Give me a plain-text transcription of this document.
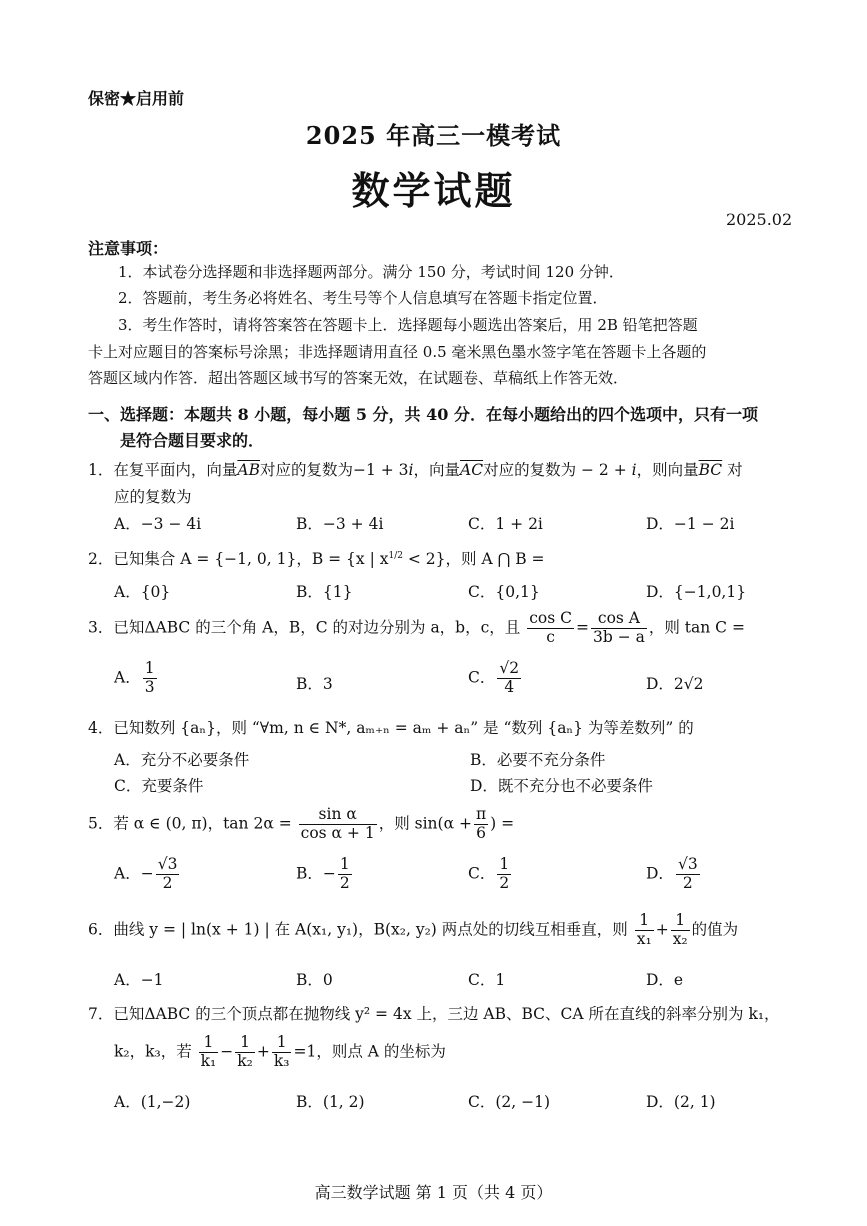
保密★启用前
2025 年高三一模考试
数学试题
2025.02
注意事项：
1．本试卷分选择题和非选择题两部分。满分 150 分，考试时间 120 分钟．
2．答题前，考生务必将姓名、考生号等个人信息填写在答题卡指定位置．
3．考生作答时，请将答案答在答题卡上．选择题每小题选出答案后，用 2B 铅笔把答题
卡上对应题目的答案标号涂黑；非选择题请用直径 0.5 毫米黑色墨水签字笔在答题卡上各题的
答题区域内作答．超出答题区域书写的答案无效，在试题卷、草稿纸上作答无效．
一、选择题：本题共 8 小题，每小题 5 分，共 40 分．在每小题给出的四个选项中，只有一项
是符合题目要求的．
1．在复平面内，向量$\overline{AB}$对应的复数为−1 + 3i，向量$\overline{AC}$对应的复数为 − 2 + i，则向量$\overline{BC}$ 对
应的复数为
A．−3 − 4i	B．−3 + 4i	C．1 + 2i	D．−1 − 2i
2．已知集合 A = {−1, 0, 1}，B = {x | $x^{1/2} < 2$}，则 A ⋂ B =
A．{0}	B．{1}	C．{0,1}	D．{−1,0,1}
3．已知ΔABC 的三个角 A，B，C 的对边分别为 a，b，c，且 $\frac{\text{cos C}}{c} = \frac{\text{cos A}}{3b - a}$ ，则 tan C =
A． $\frac{1}{3}$	B．3	C． $\frac{√2}{4}$	D．2√2
4．已知数列 {aₙ}，则 “∀m, n ∈ N*, aₘ₊ₙ = aₘ + aₙ” 是 “数列 {aₙ} 为等差数列” 的
A．充分不必要条件	B．必要不充分条件
C．充要条件	D．既不充分也不必要条件
5．若 α ∈ (0, π)，$\tan 2\alpha = \frac{\text{sin α}}{\text{cos α + 1}}$ ，则 $\sin(\alpha + \frac{\pi}{6}$ ) =
A．− $\frac{√3}{2}$	B．− $\frac{1}{2}$	C． $\frac{1}{2}$	D． $\frac{√3}{2}$
6．曲线 y = | ln(x + 1) | 在 A(x₁, y₁)，B(x₂, y₂) 两点处的切线互相垂直，则 $\frac{1}{\text{x₁}} + \frac{1}{\text{x₂}}$ 的值为
A．−1	B．0	C．1	D．e
7．已知ΔABC 的三个顶点都在抛物线 y² = 4x 上，三边 AB、BC、CA 所在直线的斜率分别为 k₁，
k₂，k₃，若 $\frac{1}{\text{k₁}} - \frac{1}{\text{k₂}} + \frac{1}{\text{k₃}} =1$，则点 A 的坐标为
A．(1,−2)	B．(1, 2)	C．(2, −1)	D．(2, 1)
高三数学试题 第 1 页（共 4 页）
